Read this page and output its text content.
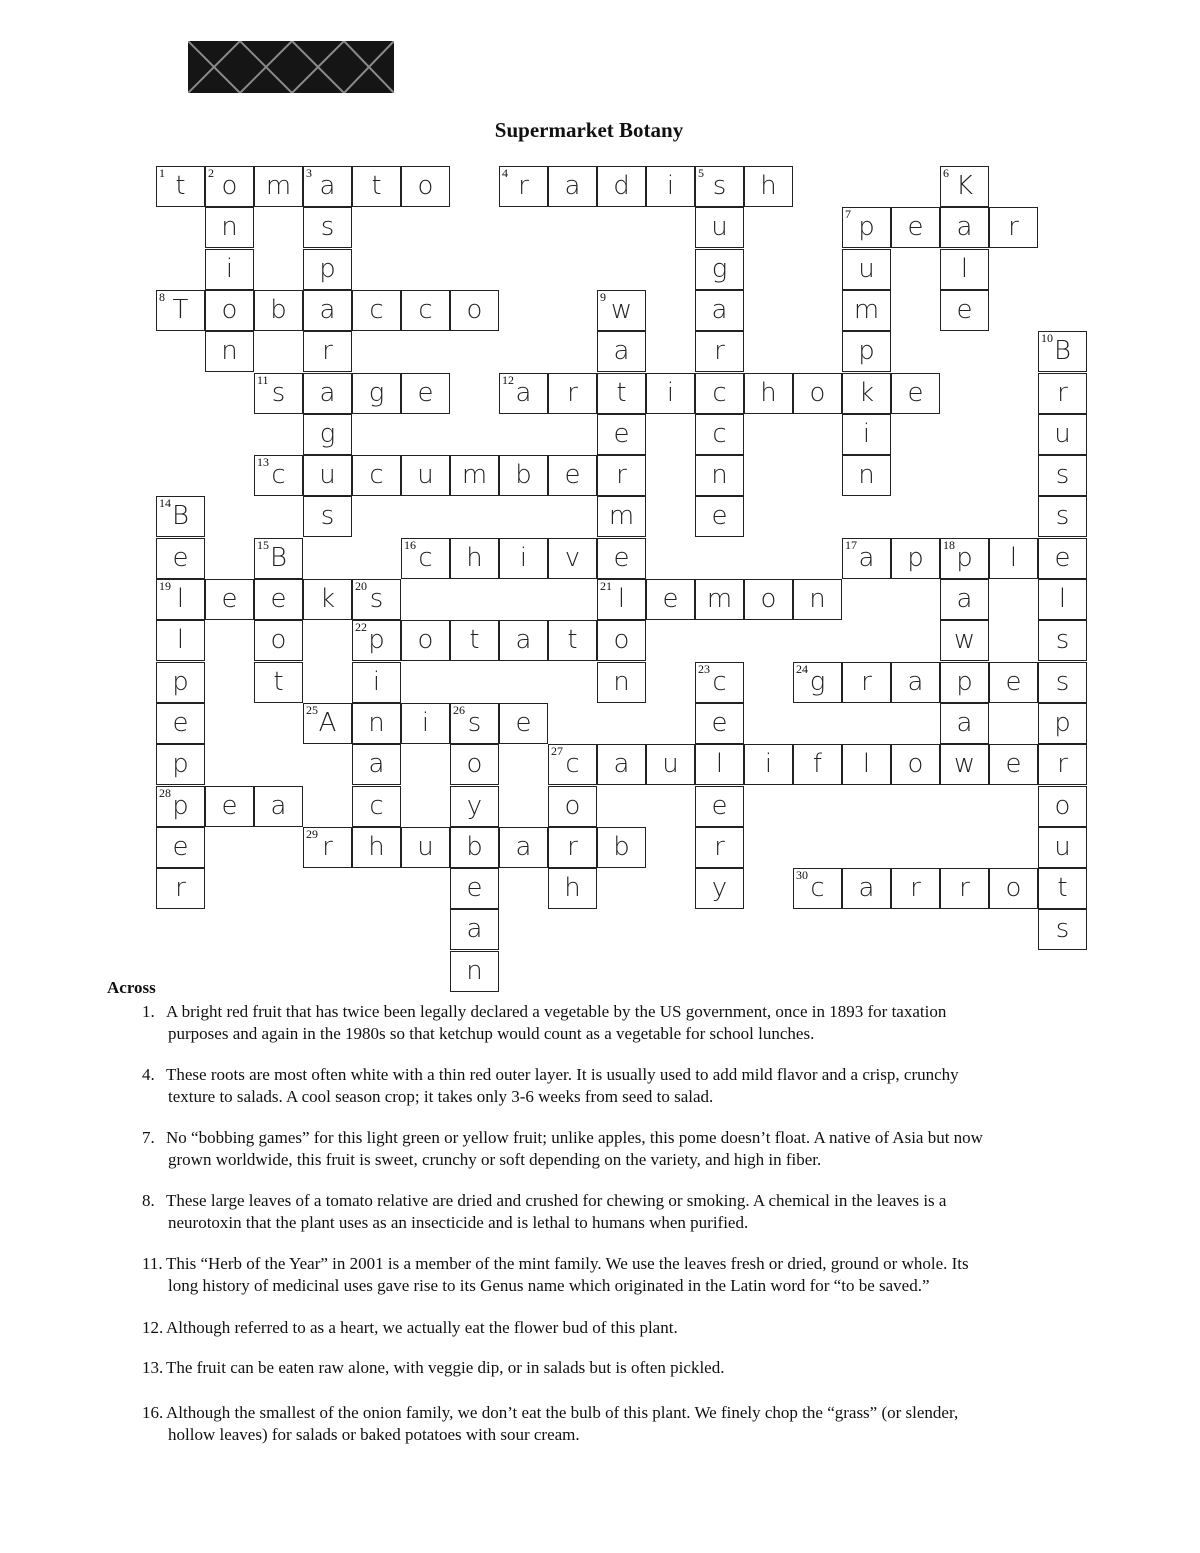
Supermarket Botany
1 t	2 o	m	3 a	t	o	4 r	a	d	i	5 s	h	6 K
n	s	u	7 p	e	a	r
i	p	g	u	l
8 T	o	b	a	c	c	o	9 w	a	m	e
n	r	a	r	p	10 B
11 s	a	g	e	12 a	r	t	i	c	h	o	k	e	r
g	e	c	i	u
13 c	u	c	u	m	b	e	r	n	n	s
14 B	s	m	e	s
e	15 B	16 c	h	i	v	e	17 a	p	18 p	l	e
19 l	e	e	k	20 s	21 l	e	m	o	n	a	l
l	o	22 p	o	t	a	t	o	w	s
p	t	i	n	23 c	24 g	r	a	p	e	s
e	25 A	n	i	26 s	e	e	a	p
p	a	o	27 c	a	u	l	i	f	l	o	w	e	r
28 p	e	a	c	y	o	e	o
e	29 r	h	u	b	a	r	b	r	u
r	e	h	y	30 c	a	r	r	o	t
a	s
n
Across
1. A bright red fruit that has twice been legally declared a vegetable by the US government, once in 1893 for taxation
purposes and again in the 1980s so that ketchup would count as a vegetable for school lunches.
4. These roots are most often white with a thin red outer layer. It is usually used to add mild flavor and a crisp, crunchy
texture to salads. A cool season crop; it takes only 3-6 weeks from seed to salad.
7. No “bobbing games” for this light green or yellow fruit; unlike apples, this pome doesn’t float. A native of Asia but now
grown worldwide, this fruit is sweet, crunchy or soft depending on the variety, and high in fiber.
8. These large leaves of a tomato relative are dried and crushed for chewing or smoking. A chemical in the leaves is a
neurotoxin that the plant uses as an insecticide and is lethal to humans when purified.
11. This “Herb of the Year” in 2001 is a member of the mint family. We use the leaves fresh or dried, ground or whole. Its
long history of medicinal uses gave rise to its Genus name which originated in the Latin word for “to be saved.”
12. Although referred to as a heart, we actually eat the flower bud of this plant.
13. The fruit can be eaten raw alone, with veggie dip, or in salads but is often pickled.
16. Although the smallest of the onion family, we don’t eat the bulb of this plant. We finely chop the “grass” (or slender,
hollow leaves) for salads or baked potatoes with sour cream.
